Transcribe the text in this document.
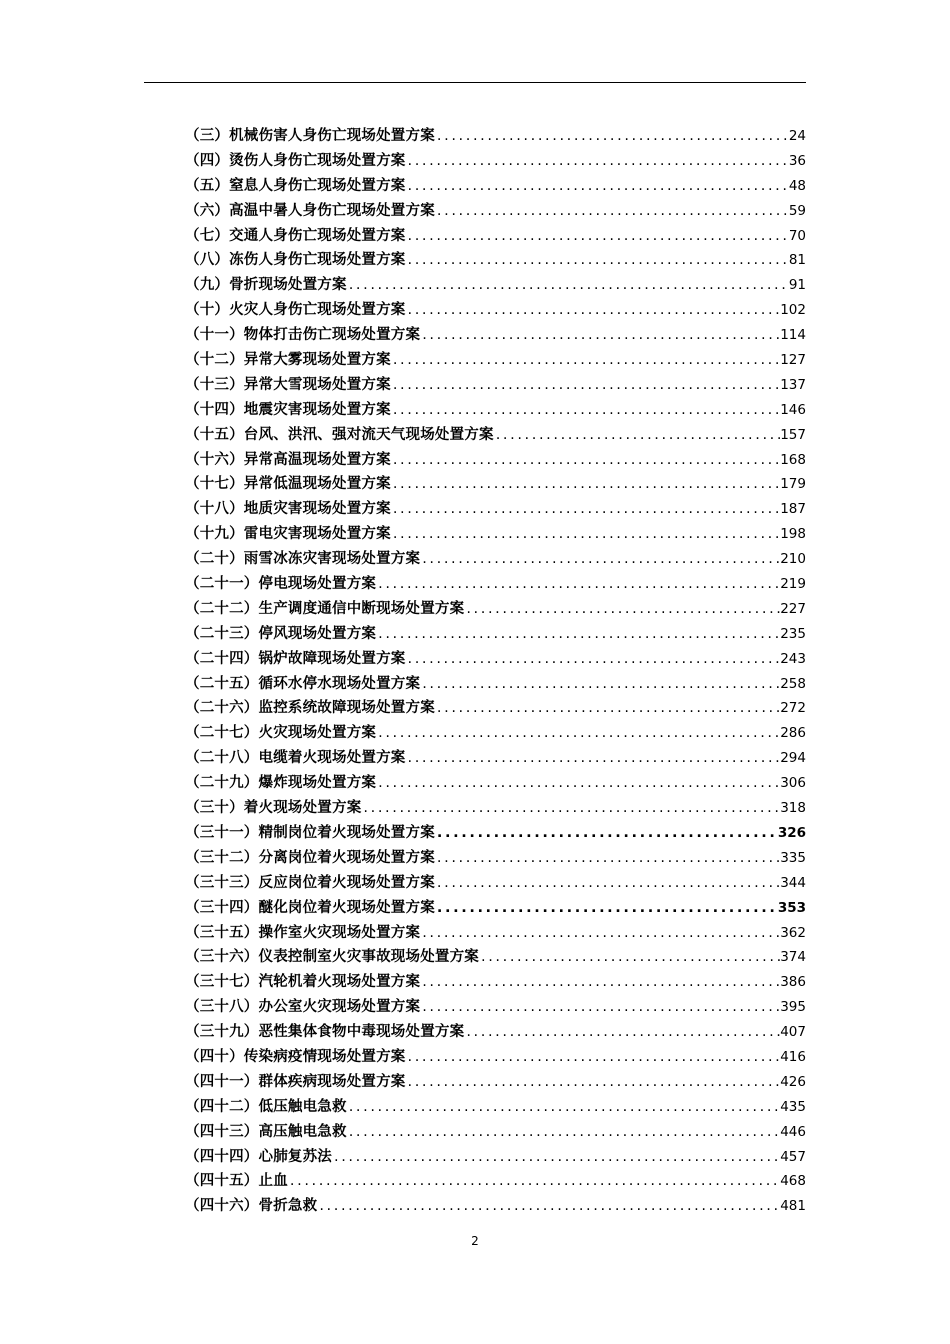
（三）机械伤害人身伤亡现场处置方案 .....	24
（四）烫伤人身伤亡现场处置方案 .....	36
（五）窒息人身伤亡现场处置方案 .....	48
（六）高温中暑人身伤亡现场处置方案 .....	59
（七）交通人身伤亡现场处置方案 .....	70
（八）冻伤人身伤亡现场处置方案 .....	81
（九）骨折现场处置方案 .....	91
（十）火灾人身伤亡现场处置方案 .....	102
（十一）物体打击伤亡现场处置方案 .....	114
（十二）异常大雾现场处置方案 .....	127
（十三）异常大雪现场处置方案 .....	137
（十四）地震灾害现场处置方案 .....	146
（十五）台风、洪汛、强对流天气现场处置方案 .....	157
（十六）异常高温现场处置方案 .....	168
（十七）异常低温现场处置方案 .....	179
（十八）地质灾害现场处置方案 .....	187
（十九）雷电灾害现场处置方案 .....	198
（二十）雨雪冰冻灾害现场处置方案 .....	210
（二十一）停电现场处置方案 .....	219
（二十二）生产调度通信中断现场处置方案 .....	227
（二十三）停风现场处置方案 .....	235
（二十四）锅炉故障现场处置方案 .....	243
（二十五）循环水停水现场处置方案 .....	258
（二十六）监控系统故障现场处置方案 .....	272
（二十七）火灾现场处置方案 .....	286
（二十八）电缆着火现场处置方案 .....	294
（二十九）爆炸现场处置方案 .....	306
（三十）着火现场处置方案 .....	318
（三十一）精制岗位着火现场处置方案 .....	326
（三十二）分离岗位着火现场处置方案 .....	335
（三十三）反应岗位着火现场处置方案 .....	344
（三十四）醚化岗位着火现场处置方案 .....	353
（三十五）操作室火灾现场处置方案 .....	362
（三十六）仪表控制室火灾事故现场处置方案 .....	374
（三十七）汽轮机着火现场处置方案 .....	386
（三十八）办公室火灾现场处置方案 .....	395
（三十九）恶性集体食物中毒现场处置方案 .....	407
（四十）传染病疫情现场处置方案 .....	416
（四十一）群体疾病现场处置方案 .....	426
（四十二）低压触电急救 .....	435
（四十三）高压触电急救 .....	446
（四十四）心肺复苏法 .....	457
（四十五）止血 .....	468
（四十六）骨折急救 .....	481
2
